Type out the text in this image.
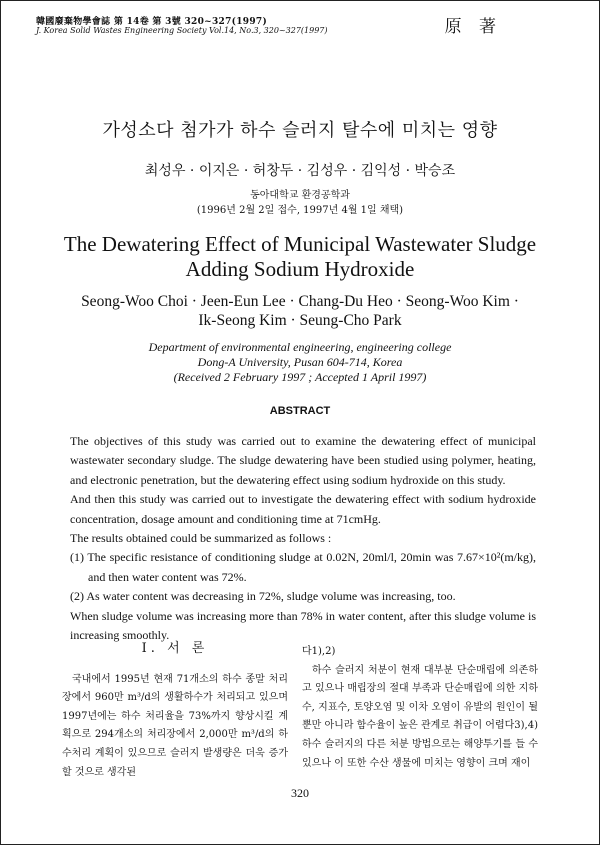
韓國廢棄物學會誌 第 14卷 第 3號 320~327(1997)
J. Korea Solid Wastes Engineering Society Vol.14, No.3, 320~327(1997)	原 著
가성소다 첨가가 하수 슬러지 탈수에 미치는 영향
최성우 · 이지은 · 허창두 · 김성우 · 김익성 · 박승조
동아대학교 환경공학과
(1996년 2월 2일 접수, 1997년 4월 1일 채택)
The Dewatering Effect of Municipal Wastewater Sludge
Adding Sodium Hydroxide
Seong-Woo Choi · Jeen-Eun Lee · Chang-Du Heo · Seong-Woo Kim ·
Ik-Seong Kim · Seung-Cho Park
Department of environmental engineering, engineering college
Dong-A University, Pusan 604-714, Korea
(Received 2 February 1997 ; Accepted 1 April 1997)
ABSTRACT

The objectives of this study was carried out to examine the dewatering effect of municipal wastewater secondary sludge. The sludge dewatering have been studied using polymer, heating, and electronic penetration, but the dewatering effect using sodium hydroxide on this study.

And then this study was carried out to investigate the dewatering effect with sodium hydroxide concentration, dosage amount and conditioning time at 71cmHg.

The results obtained could be summarized as follows :

(1) The specific resistance of conditioning sludge at 0.02N, 20ml/l, 20min was 7.67×10²(m/kg), and then water content was 72%.

(2) As water content was decreasing in 72%, sludge volume was increasing, too.

When sludge volume was increasing more than 78% in water content, after this sludge volume is increasing smoothly.

I. 서 론

국내에서 1995년 현재 71개소의 하수 종말 처리장에서 960만 m³/d의 생활하수가 처리되고 있으며 1997년에는 하수 처리율을 73%까지 향상시킬 계획으로 294개소의 처리장에서 2,000만 m³/d의 하수처리 계획이 있으므로 슬러지 발생량은 더욱 증가할 것으로 생각된

다1),2)

하수 슬러지 처분이 현재 대부분 단순매립에 의존하고 있으나 매립장의 절대 부족과 단순매립에 의한 지하수, 지표수, 토양오염 및 이차 오염이 유발의 원인이 될 뿐만 아니라 함수율이 높은 관계로 취급이 어렵다3),4) 하수 슬러지의 다른 처분 방법으로는 해양투기를 들 수 있으나 이 또한 수산 생물에 미치는 영향이 크며 재이

320
